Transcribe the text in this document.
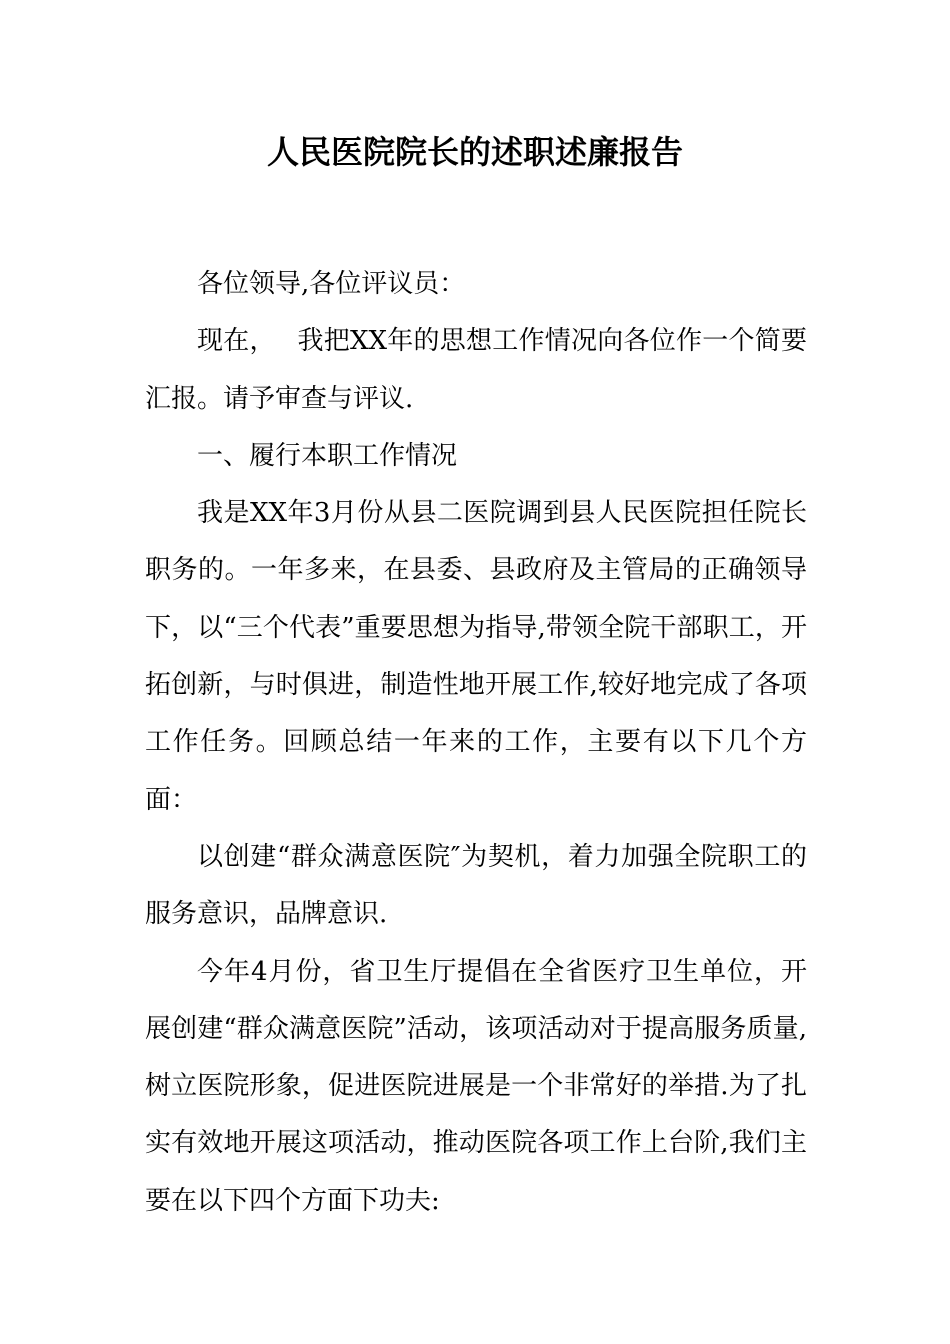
人民医院院长的述职述廉报告

各位领导,各位评议员：

现在，　 我把XX年的思想工作情况向各位作一个简要汇报。请予审查与评议.

一、履行本职工作情况

我是XX年3月份从县二医院调到县人民医院担任院长职务的。一年多来，在县委、县政府及主管局的正确领导下，以“三个代表”重要思想为指导,带领全院干部职工，开拓创新，与时俱进，制造性地开展工作,较好地完成了各项工作任务。回顾总结一年来的工作，主要有以下几个方面：

以创建“群众满意医院″为契机，着力加强全院职工的服务意识，品牌意识.

今年4月份，省卫生厅提倡在全省医疗卫生单位，开展创建“群众满意医院”活动，该项活动对于提高服务质量,树立医院形象，促进医院进展是一个非常好的举措.为了扎实有效地开展这项活动，推动医院各项工作上台阶,我们主要在以下四个方面下功夫:
